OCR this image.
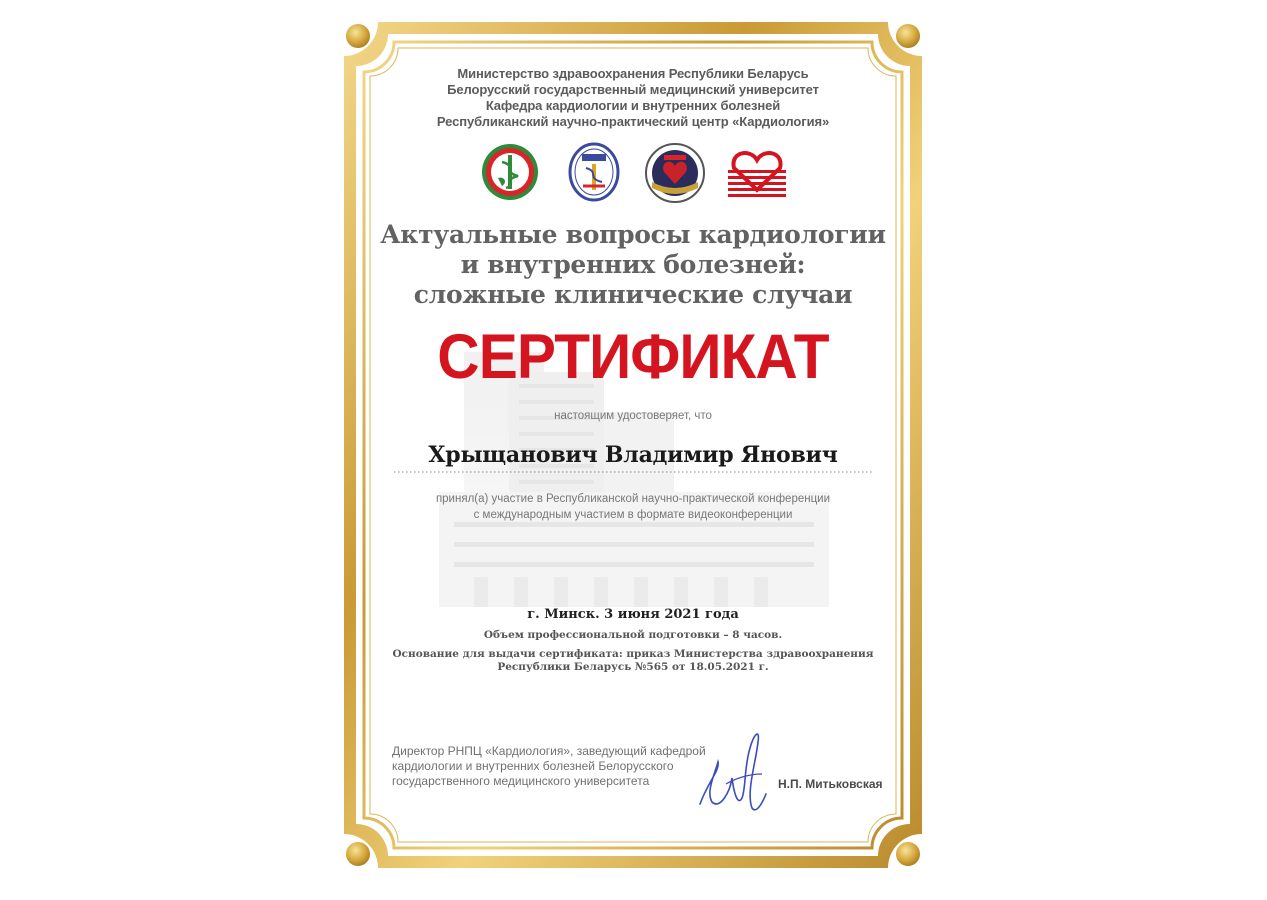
Министерство здравоохранения Республики Беларусь
Белорусский государственный медицинский университет
Кафедра кардиологии и внутренних болезней
Республиканский научно-практический центр «Кардиология»
Актуальные вопросы кардиологии
и внутренних болезней:
сложные клинические случаи
СЕРТИФИКАТ
настоящим удостоверяет, что
Хрыщанович Владимир Янович
принял(а) участие в Республиканской научно-практической конференции
с международным участием в формате видеоконференции
г. Минск. 3 июня 2021 года
Объем профессиональной подготовки – 8 часов.
Основание для выдачи сертификата: приказ Министерства здравоохранения
Республики Беларусь №565 от 18.05.2021 г.
Директор РНПЦ «Кардиология», заведующий кафедрой
кардиологии и внутренних болезней Белорусского
государственного медицинского университета	Н.П. Митьковская
